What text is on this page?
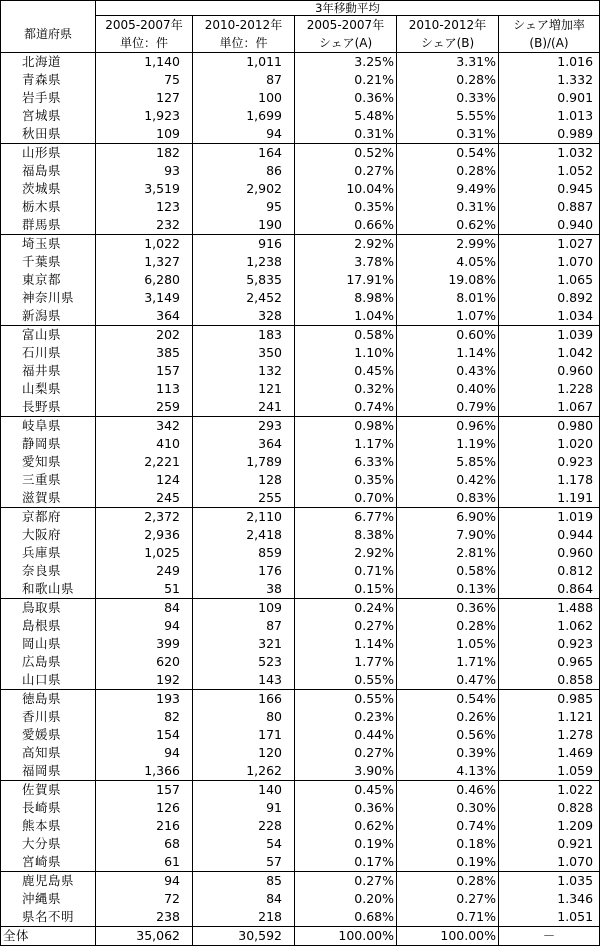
	3年移動平均				
都道府県	2005-2007年	2010-2012年	2005-2007年	2010-2012年	シェア増加率
	単位：件	単位：件	シェア(A)	シェア(B)	(B)/(A)
北海道	1,140	1,011	3.25%	3.31%	1.016
青森県	75	87	0.21%	0.28%	1.332
岩手県	127	100	0.36%	0.33%	0.901
宮城県	1,923	1,699	5.48%	5.55%	1.013
秋田県	109	94	0.31%	0.31%	0.989
山形県	182	164	0.52%	0.54%	1.032
福島県	93	86	0.27%	0.28%	1.052
茨城県	3,519	2,902	10.04%	9.49%	0.945
栃木県	123	95	0.35%	0.31%	0.887
群馬県	232	190	0.66%	0.62%	0.940
埼玉県	1,022	916	2.92%	2.99%	1.027
千葉県	1,327	1,238	3.78%	4.05%	1.070
東京都	6,280	5,835	17.91%	19.08%	1.065
神奈川県	3,149	2,452	8.98%	8.01%	0.892
新潟県	364	328	1.04%	1.07%	1.034
富山県	202	183	0.58%	0.60%	1.039
石川県	385	350	1.10%	1.14%	1.042
福井県	157	132	0.45%	0.43%	0.960
山梨県	113	121	0.32%	0.40%	1.228
長野県	259	241	0.74%	0.79%	1.067
岐阜県	342	293	0.98%	0.96%	0.980
静岡県	410	364	1.17%	1.19%	1.020
愛知県	2,221	1,789	6.33%	5.85%	0.923
三重県	124	128	0.35%	0.42%	1.178
滋賀県	245	255	0.70%	0.83%	1.191
京都府	2,372	2,110	6.77%	6.90%	1.019
大阪府	2,936	2,418	8.38%	7.90%	0.944
兵庫県	1,025	859	2.92%	2.81%	0.960
奈良県	249	176	0.71%	0.58%	0.812
和歌山県	51	38	0.15%	0.13%	0.864
鳥取県	84	109	0.24%	0.36%	1.488
島根県	94	87	0.27%	0.28%	1.062
岡山県	399	321	1.14%	1.05%	0.923
広島県	620	523	1.77%	1.71%	0.965
山口県	192	143	0.55%	0.47%	0.858
徳島県	193	166	0.55%	0.54%	0.985
香川県	82	80	0.23%	0.26%	1.121
愛媛県	154	171	0.44%	0.56%	1.278
高知県	94	120	0.27%	0.39%	1.469
福岡県	1,366	1,262	3.90%	4.13%	1.059
佐賀県	157	140	0.45%	0.46%	1.022
長崎県	126	91	0.36%	0.30%	0.828
熊本県	216	228	0.62%	0.74%	1.209
大分県	68	54	0.19%	0.18%	0.921
宮崎県	61	57	0.17%	0.19%	1.070
鹿児島県	94	85	0.27%	0.28%	1.035
沖縄県	72	84	0.20%	0.27%	1.346
県名不明	238	218	0.68%	0.71%	1.051
全体	35,062	30,592	100.00%	100.00%	－
